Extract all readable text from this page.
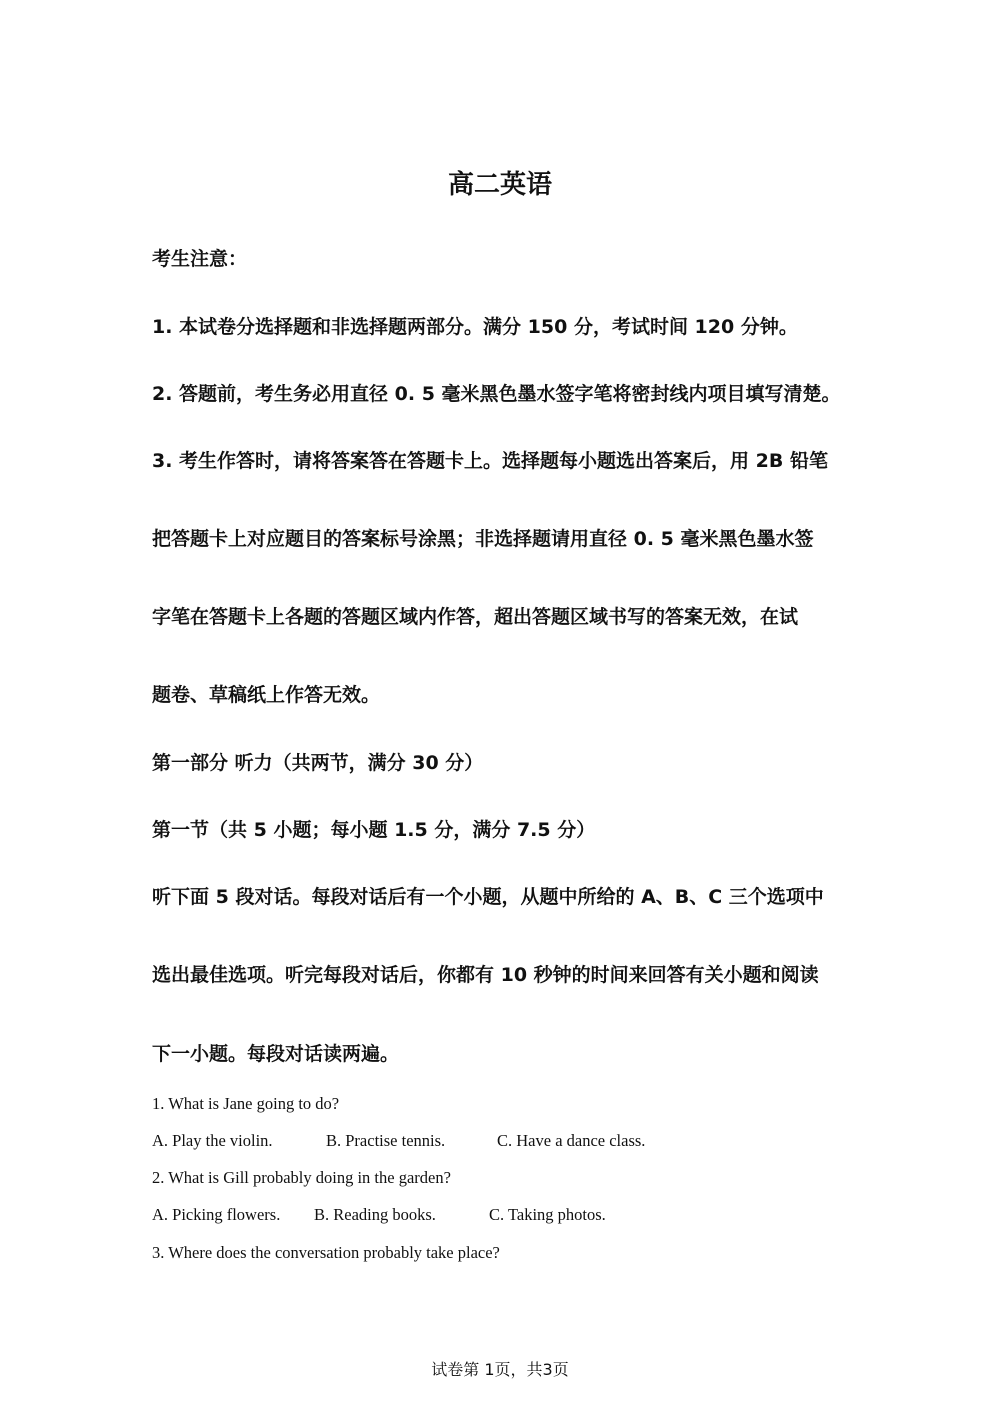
高二英语
考生注意：
1. 本试卷分选择题和非选择题两部分。满分 150 分，考试时间 120 分钟。
2. 答题前，考生务必用直径 0. 5 毫米黑色墨水签字笔将密封线内项目填写清楚。
3. 考生作答时，请将答案答在答题卡上。选择题每小题选出答案后，用 2B 铅笔
把答题卡上对应题目的答案标号涂黑；非选择题请用直径 0. 5 毫米黑色墨水签
字笔在答题卡上各题的答题区域内作答，超出答题区域书写的答案无效，在试
题卷、草稿纸上作答无效。
第一部分 听力（共两节，满分 30 分）
第一节（共 5 小题；每小题 1.5 分，满分 7.5 分）
听下面 5 段对话。每段对话后有一个小题，从题中所给的 A、B、C 三个选项中
选出最佳选项。听完每段对话后，你都有 10 秒钟的时间来回答有关小题和阅读
下一小题。每段对话读两遍。
1. What is Jane going to do?
A. Play the violin.	B. Practise tennis.	C. Have a dance class.
2. What is Gill probably doing in the garden?
A. Picking flowers. B. Reading books.	C. Taking photos.
3. Where does the conversation probably take place?
试卷第 1页，共3页
